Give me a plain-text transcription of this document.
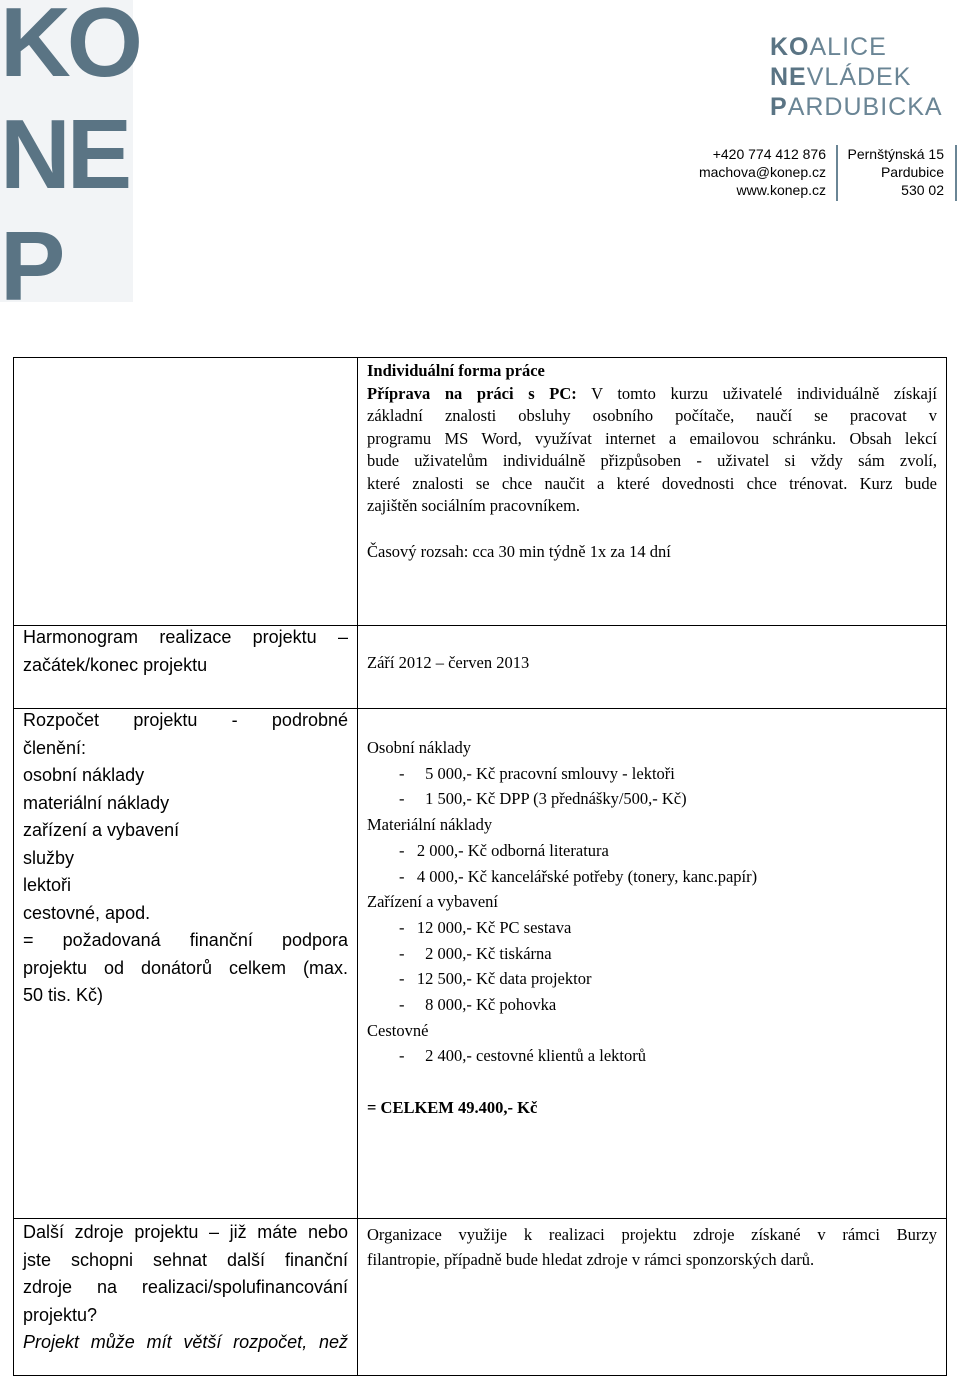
KO
NE
P
KOALICE
NEVLÁDEK
PARDUBICKA
+420 774 412 876
machova@konep.cz
www.konep.cz
Pernštýnská 15
Pardubice
530 02
Individuální forma práce
Příprava na práci s PC: V tomto kurzu uživatelé individuálně získají
základní znalosti obsluhy osobního počítače, naučí se pracovat v
programu MS Word, využívat internet a emailovou schránku. Obsah lekcí
bude uživatelům individuálně přizpůsoben - uživatel si vždy sám zvolí,
které znalosti se chce naučit a které dovednosti chce trénovat. Kurz bude
zajištěn sociálním pracovníkem.
Časový rozsah: cca 30 min týdně 1x za 14 dní
Harmonogram realizace projektu –
začátek/konec projektu	Září 2012 – červen 2013
Rozpočet projektu - podrobné
členění:
osobní náklady
materiální náklady
zařízení a vybavení
služby
lektoři
cestovné, apod.
= požadovaná finanční podpora
projektu od donátorů celkem (max.
50 tis. Kč)
Osobní náklady
-     5 000,- Kč pracovní smlouvy - lektoři
-     1 500,- Kč DPP (3 přednášky/500,- Kč)
Materiální náklady
-   2 000,- Kč odborná literatura
-   4 000,- Kč kancelářské potřeby (tonery, kanc.papír)
Zařízení a vybavení
-   12 000,- Kč PC sestava
-     2 000,- Kč tiskárna
-   12 500,- Kč data projektor
-     8 000,- Kč pohovka
Cestovné
-     2 400,- cestovné klientů a lektorů
= CELKEM 49.400,- Kč
Další zdroje projektu – již máte nebo
jste schopni sehnat další finanční
zdroje na realizaci/spolufinancování
projektu?
Projekt může mít větší rozpočet, než
Organizace využije k realizaci projektu zdroje získané v rámci Burzy
filantropie, případně bude hledat zdroje v rámci sponzorských darů.
